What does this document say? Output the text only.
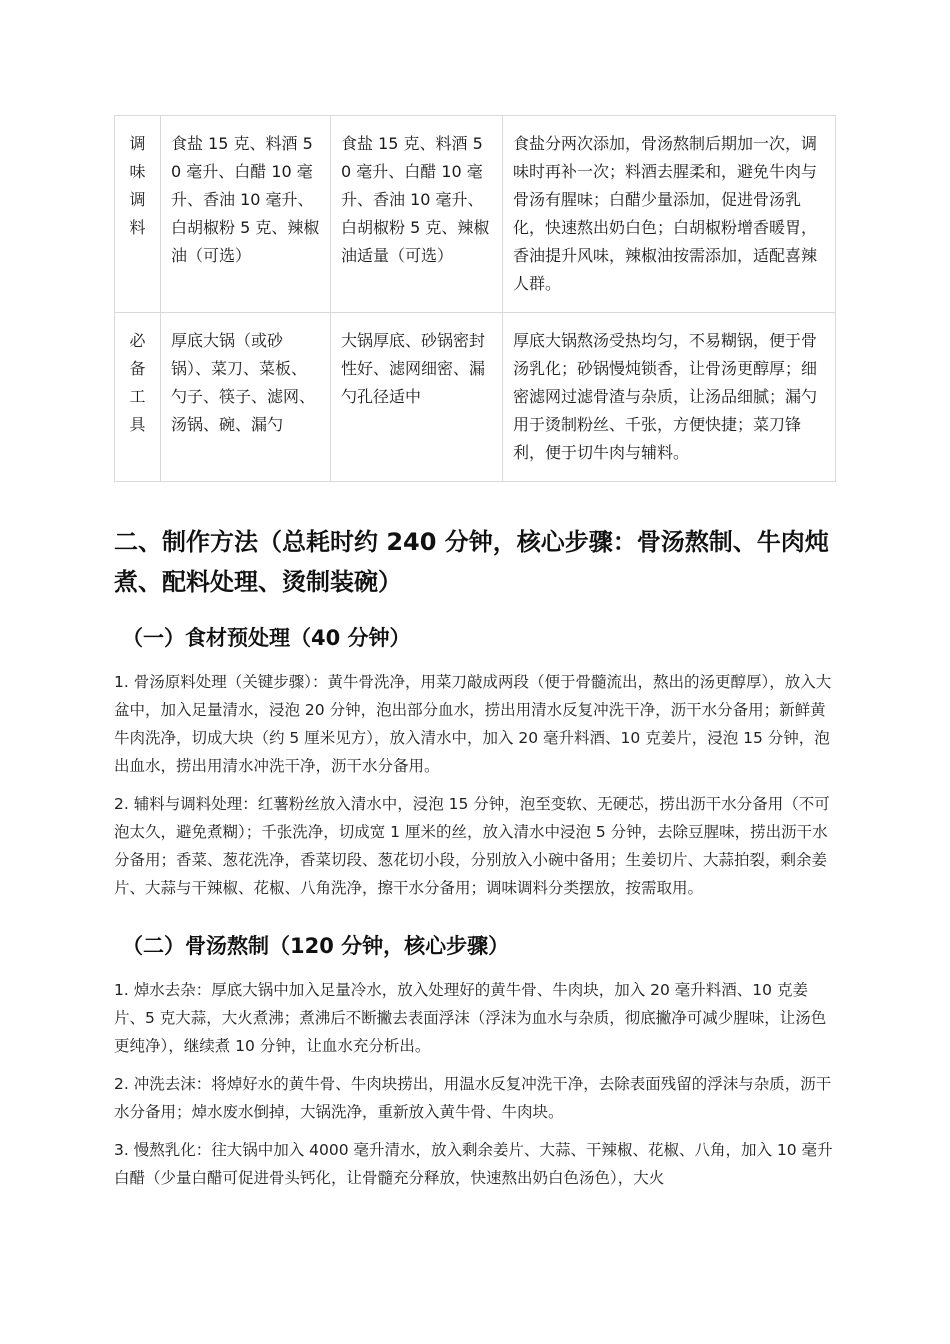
调味调料	食盐 15 克、料酒 50 毫升、白醋 10 毫升、香油 10 毫升、白胡椒粉 5 克、辣椒油（可选）	食盐 15 克、料酒 50 毫升、白醋 10 毫升、香油 10 毫升、白胡椒粉 5 克、辣椒油适量（可选）	食盐分两次添加，骨汤熬制后期加一次，调味时再补一次；料酒去腥柔和，避免牛肉与骨汤有腥味；白醋少量添加，促进骨汤乳化，快速熬出奶白色；白胡椒粉增香暖胃，香油提升风味，辣椒油按需添加，适配喜辣人群。
必备工具	厚底大锅（或砂锅）、菜刀、菜板、勺子、筷子、滤网、汤锅、碗、漏勺	大锅厚底、砂锅密封性好、滤网细密、漏勺孔径适中	厚底大锅熬汤受热均匀，不易糊锅，便于骨汤乳化；砂锅慢炖锁香，让骨汤更醇厚；细密滤网过滤骨渣与杂质，让汤品细腻；漏勺用于烫制粉丝、千张，方便快捷；菜刀锋利，便于切牛肉与辅料。
二、制作方法（总耗时约 240 分钟，核心步骤：骨汤熬制、牛肉炖煮、配料处理、烫制装碗）
（一）食材预处理（40 分钟）

1. 骨汤原料处理（关键步骤）：黄牛骨洗净，用菜刀敲成两段（便于骨髓流出，熬出的汤更醇厚），放入大盆中，加入足量清水，浸泡 20 分钟，泡出部分血水，捞出用清水反复冲洗干净，沥干水分备用；新鲜黄牛肉洗净，切成大块（约 5 厘米见方），放入清水中，加入 20 毫升料酒、10 克姜片，浸泡 15 分钟，泡出血水，捞出用清水冲洗干净，沥干水分备用。

2. 辅料与调料处理：红薯粉丝放入清水中，浸泡 15 分钟，泡至变软、无硬芯，捞出沥干水分备用（不可泡太久，避免煮糊）；千张洗净，切成宽 1 厘米的丝，放入清水中浸泡 5 分钟，去除豆腥味，捞出沥干水分备用；香菜、葱花洗净，香菜切段、葱花切小段，分别放入小碗中备用；生姜切片、大蒜拍裂，剩余姜片、大蒜与干辣椒、花椒、八角洗净，擦干水分备用；调味调料分类摆放，按需取用。

（二）骨汤熬制（120 分钟，核心步骤）

1. 焯水去杂：厚底大锅中加入足量冷水，放入处理好的黄牛骨、牛肉块，加入 20 毫升料酒、10 克姜片、5 克大蒜，大火煮沸；煮沸后不断撇去表面浮沫（浮沫为血水与杂质，彻底撇净可减少腥味，让汤色更纯净），继续煮 10 分钟，让血水充分析出。

2. 冲洗去沫：将焯好水的黄牛骨、牛肉块捞出，用温水反复冲洗干净，去除表面残留的浮沫与杂质，沥干水分备用；焯水废水倒掉，大锅洗净，重新放入黄牛骨、牛肉块。

3. 慢熬乳化：往大锅中加入 4000 毫升清水，放入剩余姜片、大蒜、干辣椒、花椒、八角，加入 10 毫升白醋（少量白醋可促进骨头钙化，让骨髓充分释放，快速熬出奶白色汤色），大火
